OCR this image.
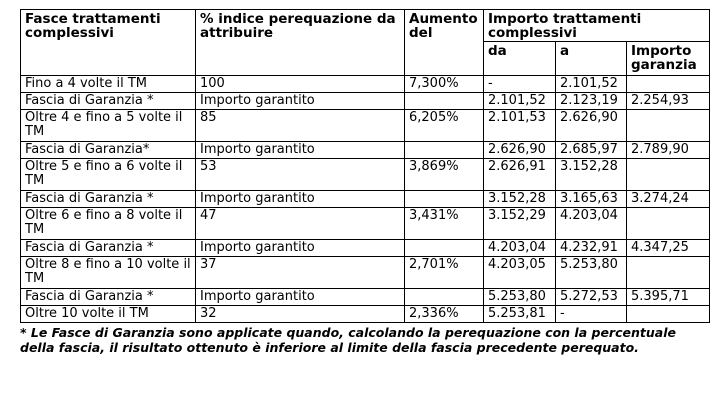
Fasce trattamenti complessivi	% indice perequazione da attribuire	Aumento del	Importo trattamenti complessivi		
			da	a	Importo garanzia
Fino a 4 volte il TM	100	7,300%	-	2.101,52	
Fascia di Garanzia *	Importo garantito		2.101,52	2.123,19	2.254,93
Oltre 4 e fino a 5 volte il TM	85	6,205%	2.101,53	2.626,90	
Fascia di Garanzia*	Importo garantito		2.626,90	2.685,97	2.789,90
Oltre 5 e fino a 6 volte il TM	53	3,869%	2.626,91	3.152,28	
Fascia di Garanzia *	Importo garantito		3.152,28	3.165,63	3.274,24
Oltre 6 e fino a 8 volte il TM	47	3,431%	3.152,29	4.203,04	
Fascia di Garanzia *	Importo garantito		4.203,04	4.232,91	4.347,25
Oltre 8 e fino a 10 volte il TM	37	2,701%	4.203,05	5.253,80	
Fascia di Garanzia *	Importo garantito		5.253,80	5.272,53	5.395,71
Oltre 10 volte il TM	32	2,336%	5.253,81	-	
* Le Fasce di Garanzia sono applicate quando, calcolando la perequazione con la percentuale della fascia, il risultato ottenuto è inferiore al limite della fascia precedente perequato.
